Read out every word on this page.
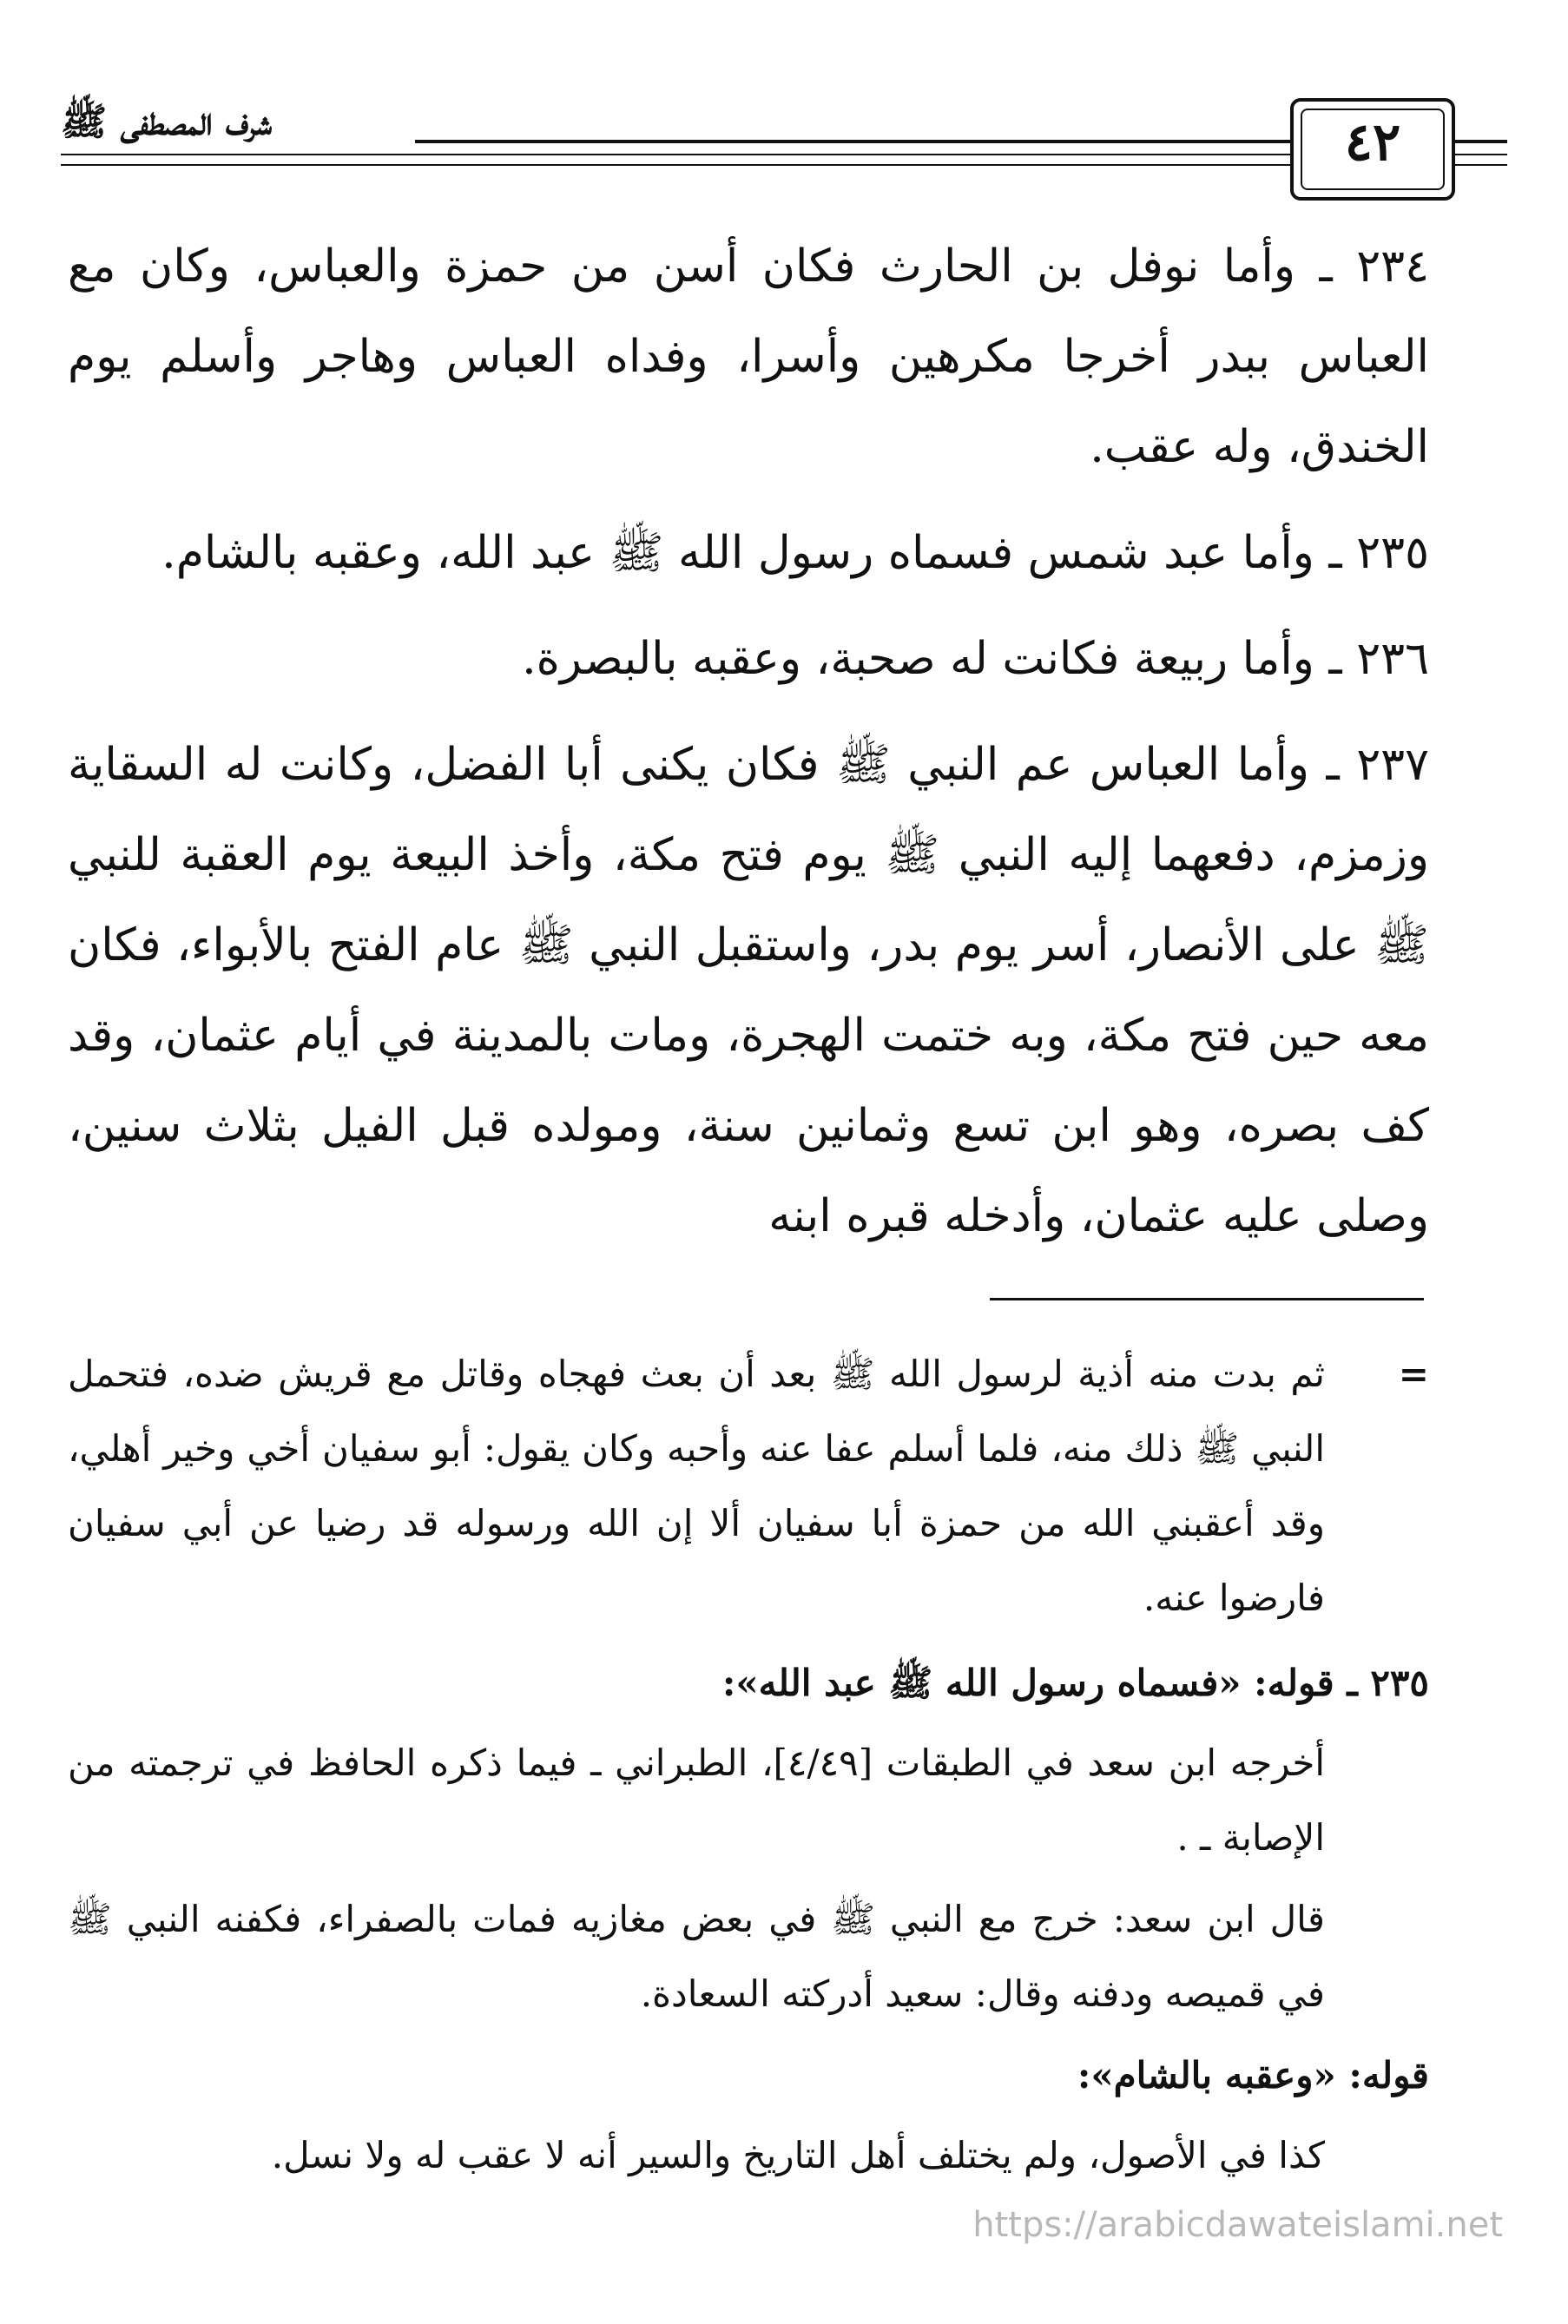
شرف المصطفى ﷺ	٤٢

٢٣٤ ـ وأما نوفل بن الحارث فكان أسن من حمزة والعباس، وكان مع العباس ببدر أخرجا مكرهين وأسرا، وفداه العباس وهاجر وأسلم يوم الخندق، وله عقب.

٢٣٥ ـ وأما عبد شمس فسماه رسول الله ﷺ عبد الله، وعقبه بالشام.

٢٣٦ ـ وأما ربيعة فكانت له صحبة، وعقبه بالبصرة.

٢٣٧ ـ وأما العباس عم النبي ﷺ فكان يكنى أبا الفضل، وكانت له السقاية وزمزم، دفعهما إليه النبي ﷺ يوم فتح مكة، وأخذ البيعة يوم العقبة للنبي ﷺ على الأنصار، أسر يوم بدر، واستقبل النبي ﷺ عام الفتح بالأبواء، فكان معه حين فتح مكة، وبه ختمت الهجرة، ومات بالمدينة في أيام عثمان، وقد كف بصره، وهو ابن تسع وثمانين سنة، ومولده قبل الفيل بثلاث سنين، وصلى عليه عثمان، وأدخله قبره ابنه

=
ثم بدت منه أذية لرسول الله ﷺ بعد أن بعث فهجاه وقاتل مع قريش ضده، فتحمل النبي ﷺ ذلك منه، فلما أسلم عفا عنه وأحبه وكان يقول: أبو سفيان أخي وخير أهلي، وقد أعقبني الله من حمزة أبا سفيان ألا إن الله ورسوله قد رضيا عن أبي سفيان فارضوا عنه.
٢٣٥ ـ قوله: «فسماه رسول الله ﷺ عبد الله»:
أخرجه ابن سعد في الطبقات [٤/٤٩]، الطبراني ـ فيما ذكره الحافظ في ترجمته من الإصابة ـ .
قال ابن سعد: خرج مع النبي ﷺ في بعض مغازيه فمات بالصفراء، فكفنه النبي ﷺ في قميصه ودفنه وقال: سعيد أدركته السعادة.
قوله: «وعقبه بالشام»:
كذا في الأصول، ولم يختلف أهل التاريخ والسير أنه لا عقب له ولا نسل.
https://arabicdawateislami.net
